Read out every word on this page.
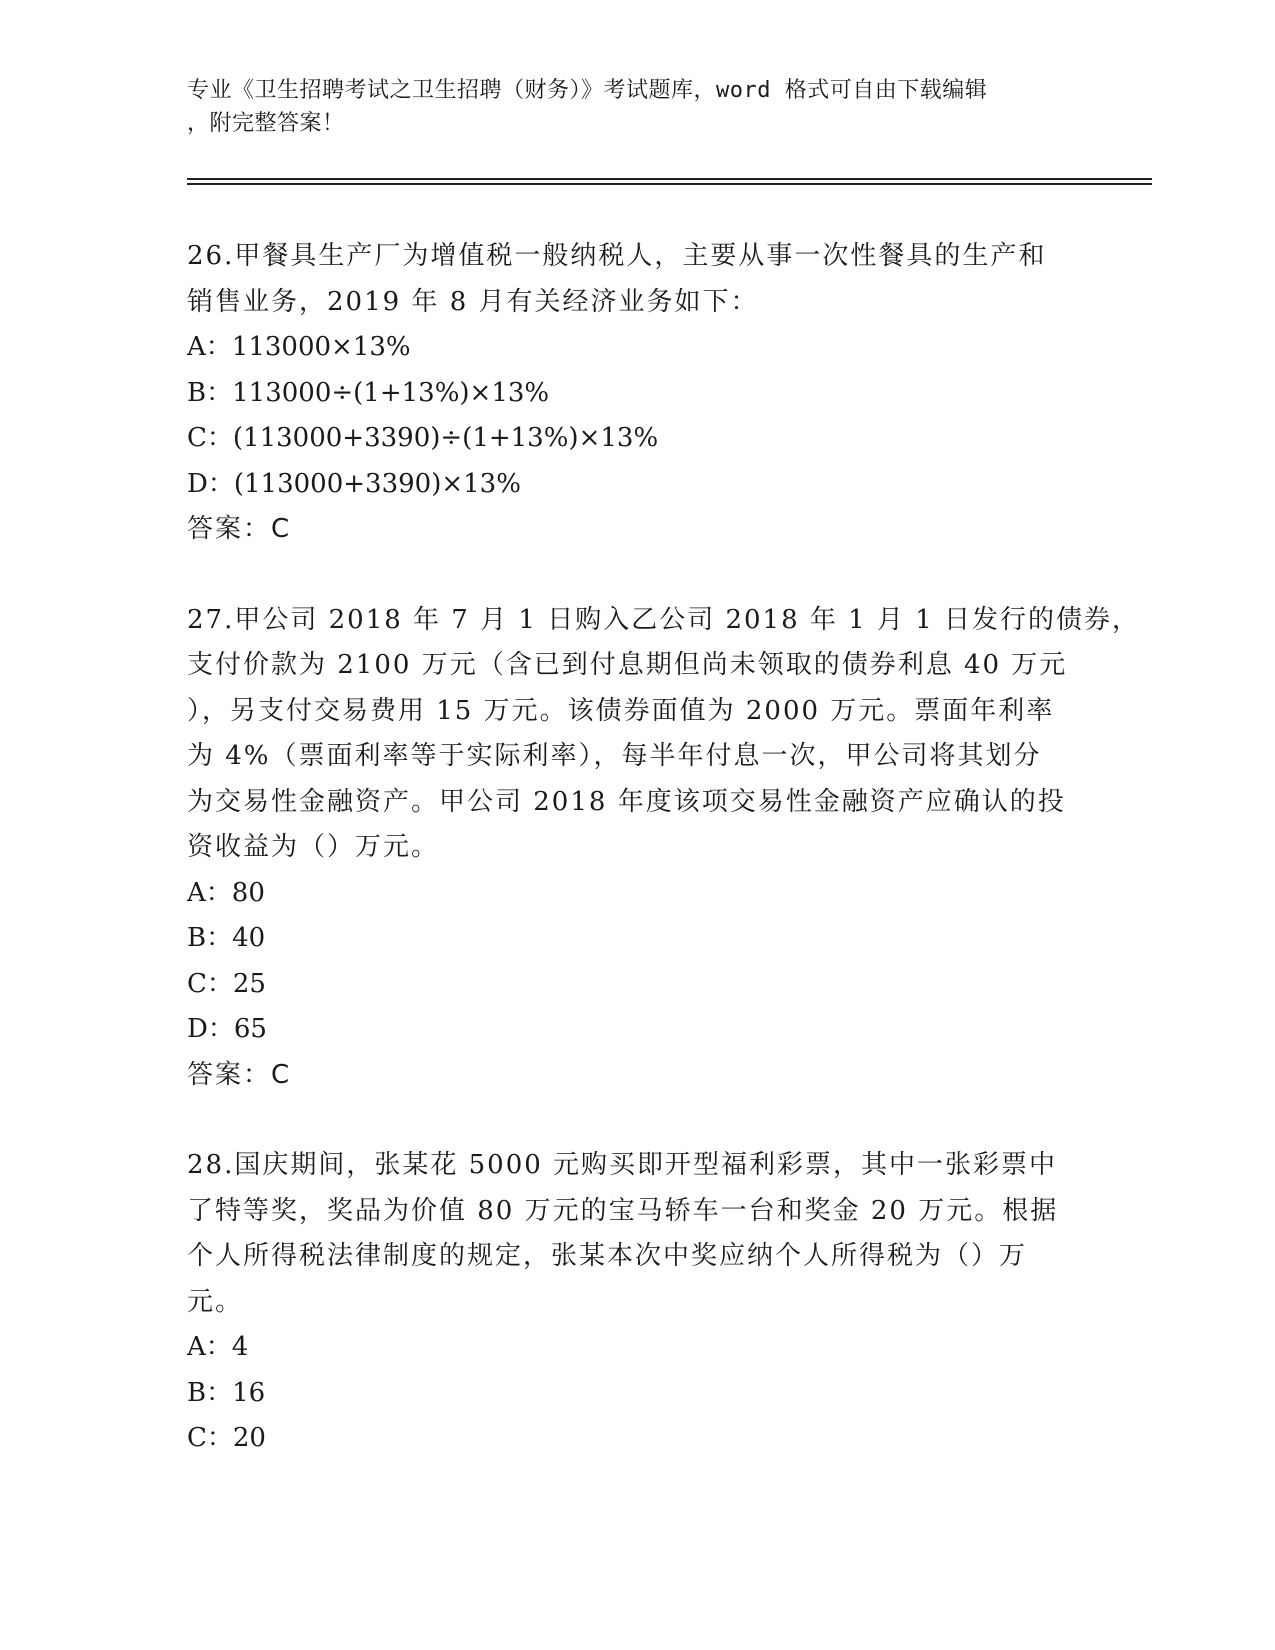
专业《卫生招聘考试之卫生招聘（财务）》考试题库，word 格式可自由下载编辑
，附完整答案！
26.甲餐具生产厂为增值税一般纳税人，主要从事一次性餐具的生产和
销售业务，2019 年 8 月有关经济业务如下：
A：113000×13%
B：113000÷(1+13%)×13%
C：(113000+3390)÷(1+13%)×13%
D：(113000+3390)×13%
答案：C
27.甲公司 2018 年 7 月 1 日购入乙公司 2018 年 1 月 1 日发行的债券，
支付价款为 2100 万元（含已到付息期但尚未领取的债券利息 40 万元
），另支付交易费用 15 万元。该债券面值为 2000 万元。票面年利率
为 4%（票面利率等于实际利率），每半年付息一次，甲公司将其划分
为交易性金融资产。甲公司 2018 年度该项交易性金融资产应确认的投
资收益为（）万元。
A：80
B：40
C：25
D：65
答案：C
28.国庆期间，张某花 5000 元购买即开型福利彩票，其中一张彩票中
了特等奖，奖品为价值 80 万元的宝马轿车一台和奖金 20 万元。根据
个人所得税法律制度的规定，张某本次中奖应纳个人所得税为（）万
元。
A：4
B：16
C：20
